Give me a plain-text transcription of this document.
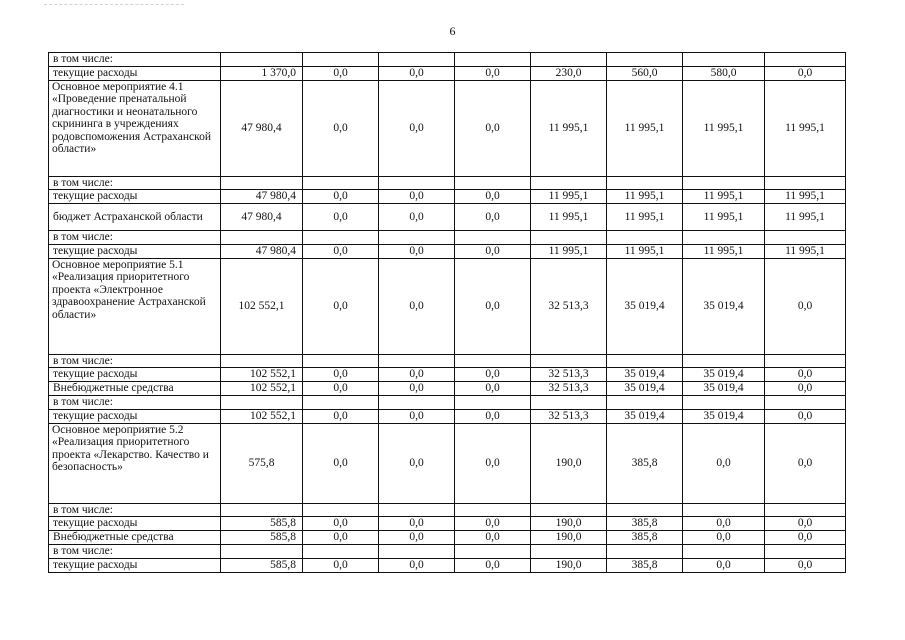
6
в том числе:								
текущие расходы	1 370,0	0,0	0,0	0,0	230,0	560,0	580,0	0,0
Основное мероприятие 4.1 «Проведение пренатальной диагностики и неонатального скрининга в учреждениях родовспоможения Астраханской области»	47 980,4	0,0	0,0	0,0	11 995,1	11 995,1	11 995,1	11 995,1
в том числе:								
текущие расходы	47 980,4	0,0	0,0	0,0	11 995,1	11 995,1	11 995,1	11 995,1
бюджет Астраханской области	47 980,4	0,0	0,0	0,0	11 995,1	11 995,1	11 995,1	11 995,1
в том числе:								
текущие расходы	47 980,4	0,0	0,0	0,0	11 995,1	11 995,1	11 995,1	11 995,1
Основное мероприятие 5.1 «Реализация приоритетного проекта «Электронное здравоохранение Астраханской области»	102 552,1	0,0	0,0	0,0	32 513,3	35 019,4	35 019,4	0,0
в том числе:								
текущие расходы	102 552,1	0,0	0,0	0,0	32 513,3	35 019,4	35 019,4	0,0
Внебюджетные средства	102 552,1	0,0	0,0	0,0	32 513,3	35 019,4	35 019,4	0,0
в том числе:								
текущие расходы	102 552,1	0,0	0,0	0,0	32 513,3	35 019,4	35 019,4	0,0
Основное мероприятие 5.2 «Реализация приоритетного проекта «Лекарство. Качество и безопасность»	575,8	0,0	0,0	0,0	190,0	385,8	0,0	0,0
в том числе:								
текущие расходы	585,8	0,0	0,0	0,0	190,0	385,8	0,0	0,0
Внебюджетные средства	585,8	0,0	0,0	0,0	190,0	385,8	0,0	0,0
в том числе:								
текущие расходы	585,8	0,0	0,0	0,0	190,0	385,8	0,0	0,0
